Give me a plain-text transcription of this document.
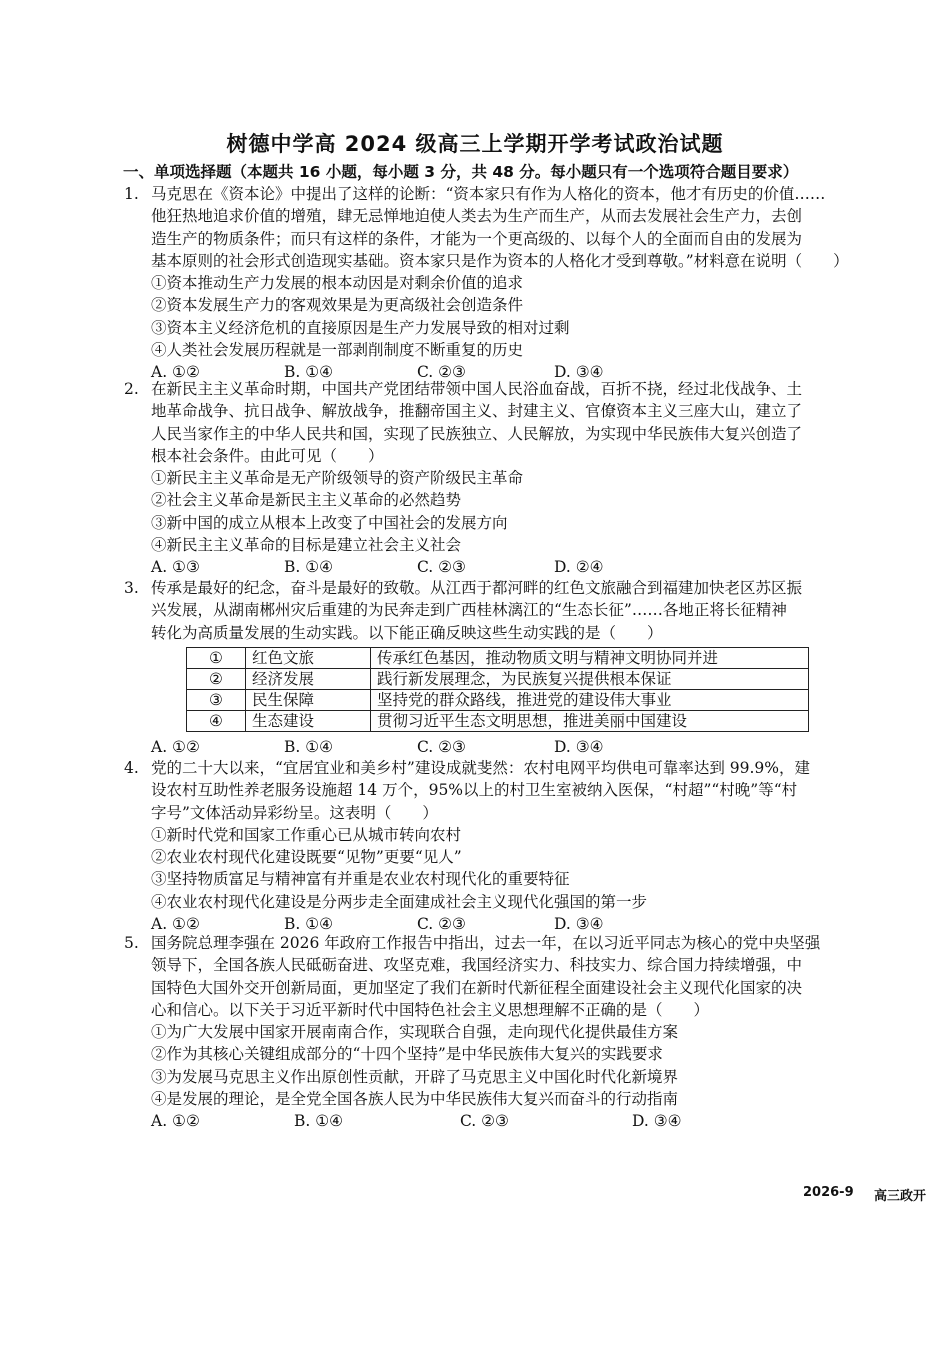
树德中学高 2024 级高三上学期开学考试政治试题
一、单项选择题（本题共 16 小题，每小题 3 分，共 48 分。每小题只有一个选项符合题目要求）
1. 马克思在《资本论》中提出了这样的论断：“资本家只有作为人格化的资本，他才有历史的价值……
他狂热地追求价值的增殖，肆无忌惮地迫使人类去为生产而生产，从而去发展社会生产力，去创
造生产的物质条件；而只有这样的条件，才能为一个更高级的、以每个人的全面而自由的发展为
基本原则的社会形式创造现实基础。资本家只是作为资本的人格化才受到尊敬。”材料意在说明（　　）
①资本推动生产力发展的根本动因是对剩余价值的追求
②资本发展生产力的客观效果是为更高级社会创造条件
③资本主义经济危机的直接原因是生产力发展导致的相对过剩
④人类社会发展历程就是一部剥削制度不断重复的历史
A. ①②	B. ①④	C. ②③	D. ③④
2. 在新民主主义革命时期，中国共产党团结带领中国人民浴血奋战，百折不挠，经过北伐战争、土
地革命战争、抗日战争、解放战争，推翻帝国主义、封建主义、官僚资本主义三座大山，建立了
人民当家作主的中华人民共和国，实现了民族独立、人民解放，为实现中华民族伟大复兴创造了
根本社会条件。由此可见（　　）
①新民主主义革命是无产阶级领导的资产阶级民主革命
②社会主义革命是新民主主义革命的必然趋势
③新中国的成立从根本上改变了中国社会的发展方向
④新民主主义革命的目标是建立社会主义社会
A. ①③	B. ①④	C. ②③	D. ②④
3. 传承是最好的纪念，奋斗是最好的致敬。从江西于都河畔的红色文旅融合到福建加快老区苏区振
兴发展，从湖南郴州灾后重建的为民奔走到广西桂林漓江的“生态长征”……各地正将长征精神
转化为高质量发展的生动实践。以下能正确反映这些生动实践的是（　　）
①	红色文旅	传承红色基因，推动物质文明与精神文明协同并进
②	经济发展	践行新发展理念，为民族复兴提供根本保证
③	民生保障	坚持党的群众路线，推进党的建设伟大事业
④	生态建设	贯彻习近平生态文明思想，推进美丽中国建设
A. ①②	B. ①④	C. ②③	D. ③④
4. 党的二十大以来，“宜居宜业和美乡村”建设成就斐然：农村电网平均供电可靠率达到 99.9%，建
设农村互助性养老服务设施超 14 万个，95%以上的村卫生室被纳入医保，“村超”“村晚”等“村
字号”文体活动异彩纷呈。这表明（　　）
①新时代党和国家工作重心已从城市转向农村
②农业农村现代化建设既要“见物”更要“见人”
③坚持物质富足与精神富有并重是农业农村现代化的重要特征
④农业农村现代化建设是分两步走全面建成社会主义现代化强国的第一步
A. ①②	B. ①④	C. ②③	D. ③④
5. 国务院总理李强在 2026 年政府工作报告中指出，过去一年，在以习近平同志为核心的党中央坚强
领导下，全国各族人民砥砺奋进、攻坚克难，我国经济实力、科技实力、综合国力持续增强，中
国特色大国外交开创新局面，更加坚定了我们在新时代新征程全面建设社会主义现代化国家的决
心和信心。以下关于习近平新时代中国特色社会主义思想理解不正确的是（　　）
①为广大发展中国家开展南南合作，实现联合自强，走向现代化提供最佳方案
②作为其核心关键组成部分的“十四个坚持”是中华民族伟大复兴的实践要求
③为发展马克思主义作出原创性贡献，开辟了马克思主义中国化时代化新境界
④是发展的理论，是全党全国各族人民为中华民族伟大复兴而奋斗的行动指南
A. ①②	B. ①④	C. ②③	D. ③④
2026-9 高三政开
